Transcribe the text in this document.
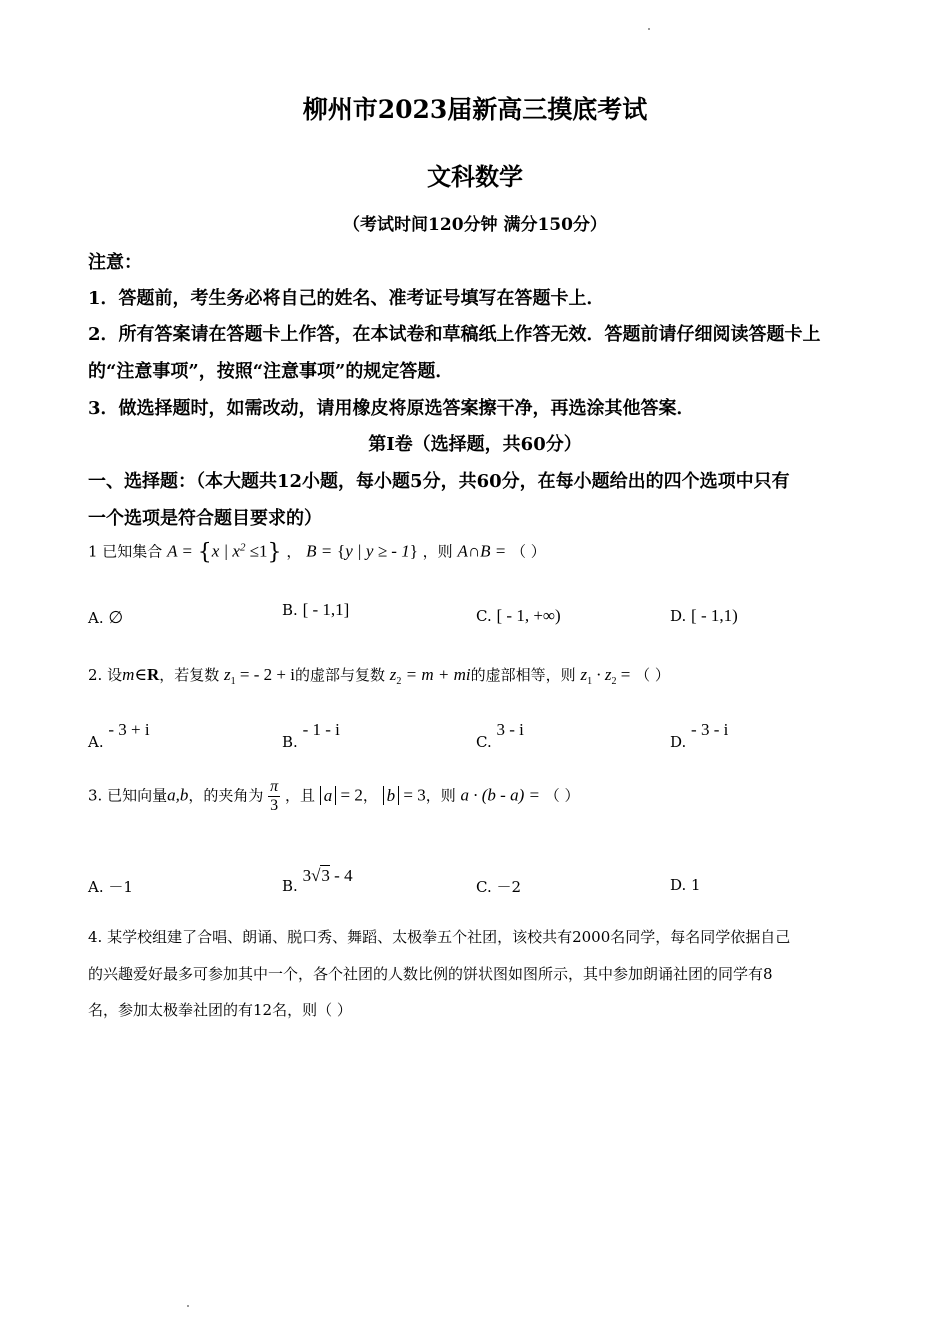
柳州市2023届新高三摸底考试
文科数学
（考试时间120分钟 满分150分）
注意：
1．答题前，考生务必将自己的姓名、准考证号填写在答题卡上．
2．所有答案请在答题卡上作答，在本试卷和草稿纸上作答无效．答题前请仔细阅读答题卡上
的“注意事项”，按照“注意事项”的规定答题．
3．做选择题时，如需改动，请用橡皮将原选答案擦干净，再选涂其他答案．
第I卷（选择题，共60分）
一、选择题：（本大题共12小题，每小题5分，共60分，在每小题给出的四个选项中只有
一个选项是符合题目要求的）
1 已知集合 A = {x | $x^2 \le 1$} ， B = {y | y ≥ - 1} ，则 A∩B = （ ）
A. ∅	B. [ - 1,1]	C. [ - 1, +∞)	D. [ - 1,1)
2. 设m∈R，若复数 $z_1$ = - 2 + i的虚部与复数 $z_2 = m$ + mi的虚部相等，则 $z_1 \cdot z_2$ = （ ）
A. - 3 + i
B. - 1 - i
C. 3 - i
D. - 3 - i
3. 已知向量a,b，的夹角为 $\frac{\pi}{3}$ ，且 a = 2， b = 3，则 a · (b - a) = （ ）
A. －1	B. 3√3 - 4
C. －2	D. 1
4. 某学校组建了合唱、朗诵、脱口秀、舞蹈、太极拳五个社团，该校共有2000名同学，每名同学依据自己
的兴趣爱好最多可参加其中一个，各个社团的人数比例的饼状图如图所示，其中参加朗诵社团的同学有8
名，参加太极拳社团的有12名，则（ ）
